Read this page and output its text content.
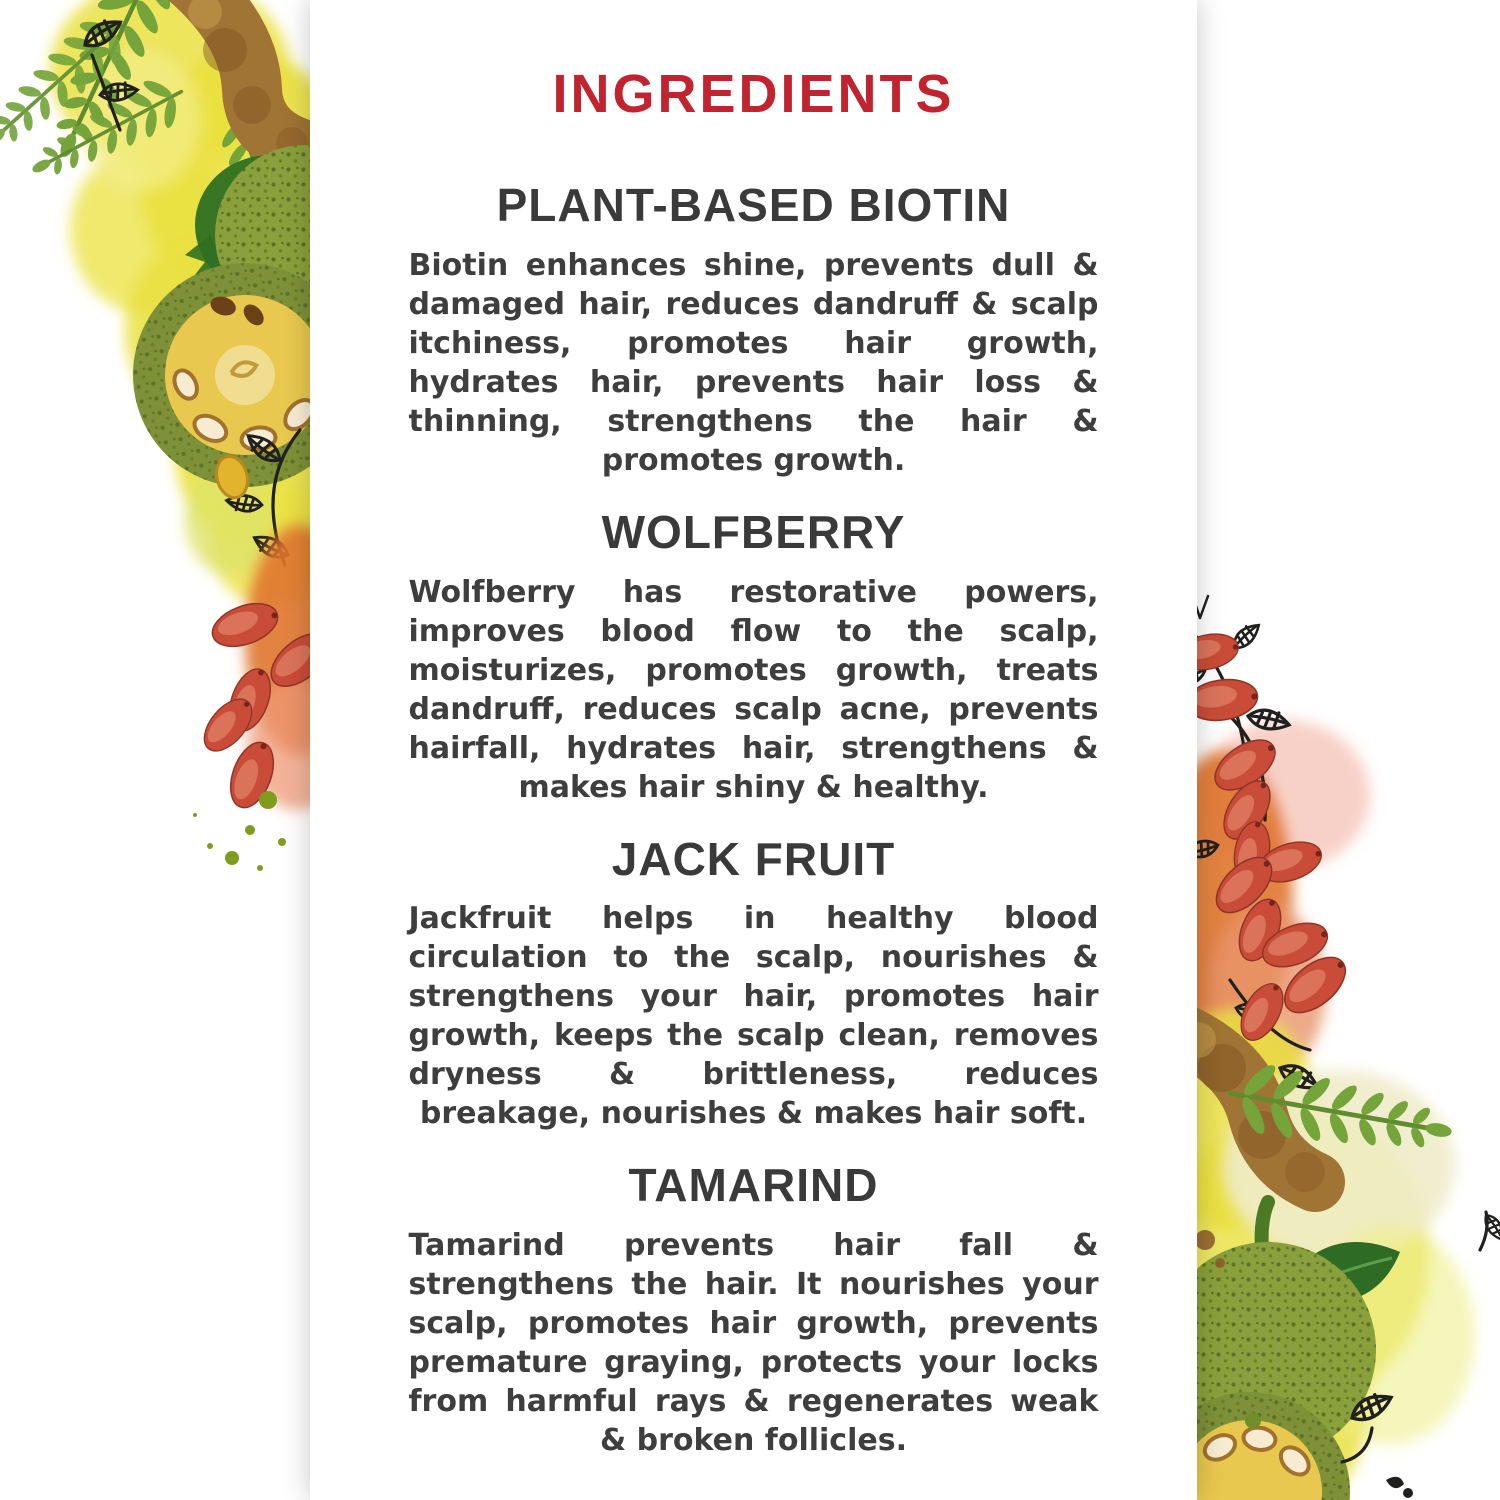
INGREDIENTS
PLANT-BASED BIOTIN

Biotin enhances shine, prevents dull & damaged hair, reduces dandruff & scalp itchiness, promotes hair growth, hydrates hair, prevents hair loss & thinning, strengthens the hair & promotes growth.

WOLFBERRY

Wolfberry has restorative powers, improves blood flow to the scalp, moisturizes, promotes growth, treats dandruff, reduces scalp acne, prevents hairfall, hydrates hair, strengthens & makes hair shiny & healthy.

JACK FRUIT

Jackfruit helps in healthy blood circulation to the scalp, nourishes & strengthens your hair, promotes hair growth, keeps the scalp clean, removes dryness & brittleness, reduces breakage, nourishes & makes hair soft.

TAMARIND

Tamarind prevents hair fall & strengthens the hair. It nourishes your scalp, promotes hair growth, prevents premature graying, protects your locks from harmful rays & regenerates weak & broken follicles.
